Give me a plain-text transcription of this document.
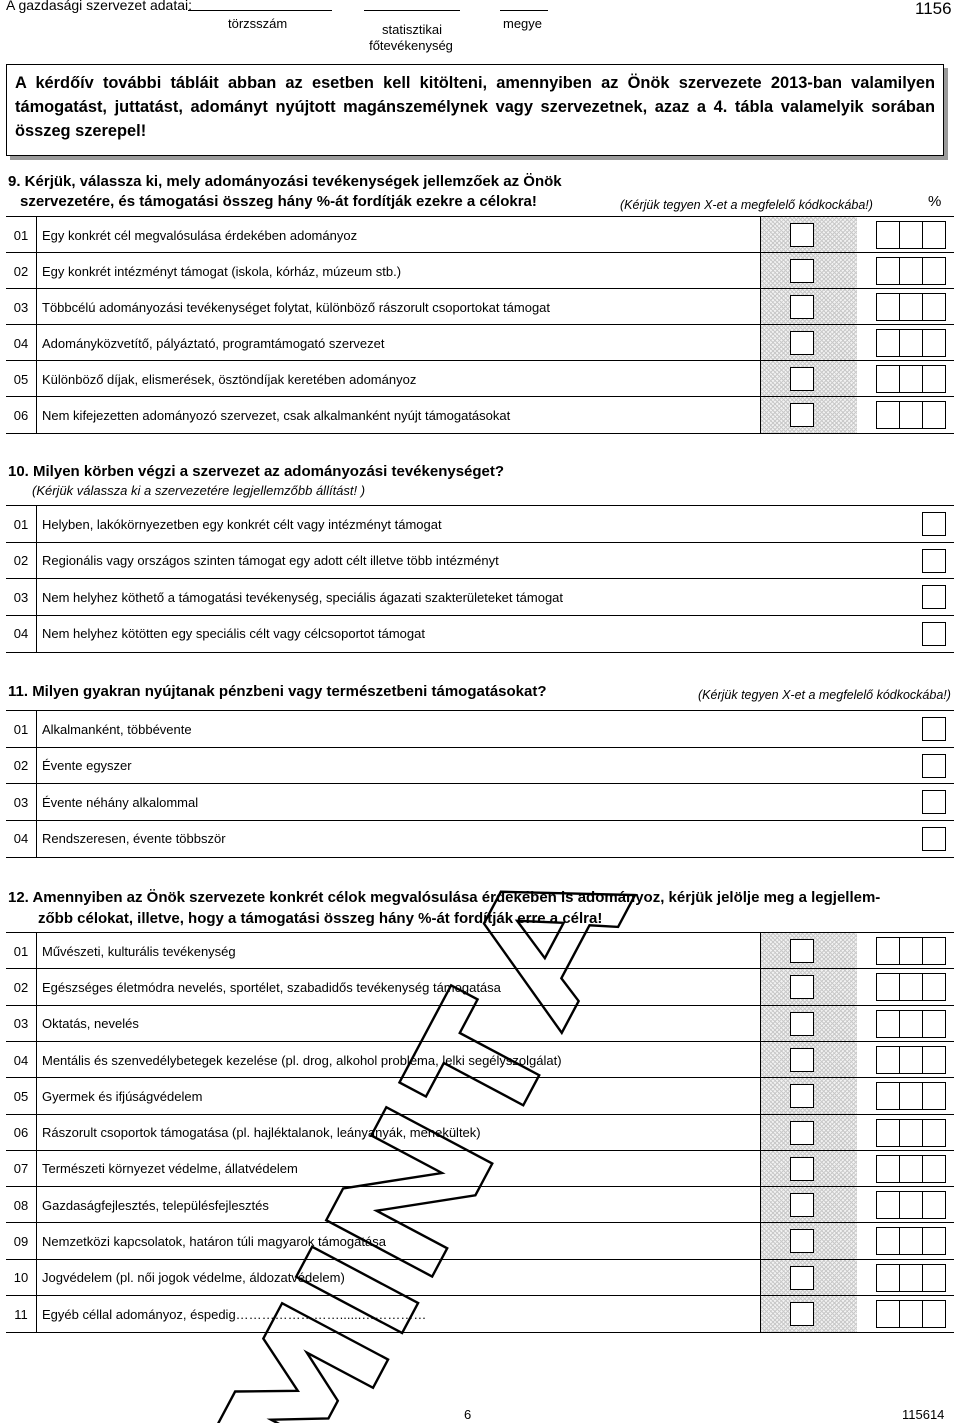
A gazdasági szervezet adatai:
törzsszám	statisztikai
főtevékenység
megye
1156

A kérdőív további tábláit abban az esetben kell kitölteni, amennyiben az Önök szervezete 2013-ban valamilyen támogatást, juttatást, adományt nyújtott magánszemélynek vagy szervezetnek, azaz a 4. tábla valamelyik sorában összeg szerepel!

9. Kérjük, válassza ki, mely adományozási tevékenységek jellemzőek az Önök
szervezetére, és támogatási összeg hány %-át fordítják ezekre a célokra!	(Kérjük tegyen X-et a megfelelő kódkockába!)	%
01	Egy konkrét cél megvalósulása érdekében adományoz
02	Egy konkrét intézményt támogat (iskola, kórház, múzeum stb.)
03	Többcélú adományozási tevékenységet folytat, különböző rászorult csoportokat támogat
04	Adományközvetítő, pályáztató, programtámogató szervezet
05	Különböző díjak, elismerések, ösztöndíjak keretében adományoz
06	Nem kifejezetten adományozó szervezet, csak alkalmanként nyújt támogatásokat
10. Milyen körben végzi a szervezet az adományozási tevékenységet?
(Kérjük válassza ki a szervezetére legjellemzőbb állítást! )
01	Helyben, lakókörnyezetben egy konkrét célt vagy intézményt támogat
02	Regionális vagy országos szinten támogat egy adott célt illetve több intézményt
03	Nem helyhez köthető a támogatási tevékenység, speciális ágazati szakterületeket támogat
04	Nem helyhez kötötten egy speciális célt vagy célcsoportot támogat
11. Milyen gyakran nyújtanak pénzbeni vagy természetbeni támogatásokat?	(Kérjük tegyen X-et a megfelelő kódkockába!)
01	Alkalmanként, többévente
02	Évente egyszer
03	Évente néhány alkalommal
04	Rendszeresen, évente többször
12. Amennyiben az Önök szervezete konkrét célok megvalósulása érdekében is adományoz, kérjük jelölje meg a legjellem-
zőbb célokat, illetve, hogy a támogatási összeg hány %-át fordítják erre a célra!
01	Művészeti, kulturális tevékenység
02	Egészséges életmódra nevelés, sportélet, szabadidős tevékenység támogatása
03	Oktatás, nevelés
04	Mentális és szenvedélybetegek kezelése (pl. drog, alkohol probléma, lelki segélyszolgálat)
05	Gyermek és ifjúságvédelem
06	Rászorult csoportok támogatása (pl. hajléktalanok, leányanyák, menekültek)
07	Természeti környezet védelme, állatvédelem
08	Gazdaságfejlesztés, településfejlesztés
09	Nemzetközi kapcsolatok, határon túli magyarok támogatása
10	Jogvédelem (pl. női jogok védelme, áldozatvédelem)
11	Egyéb céllal adományoz, éspedig……………………......……………
6	115614
